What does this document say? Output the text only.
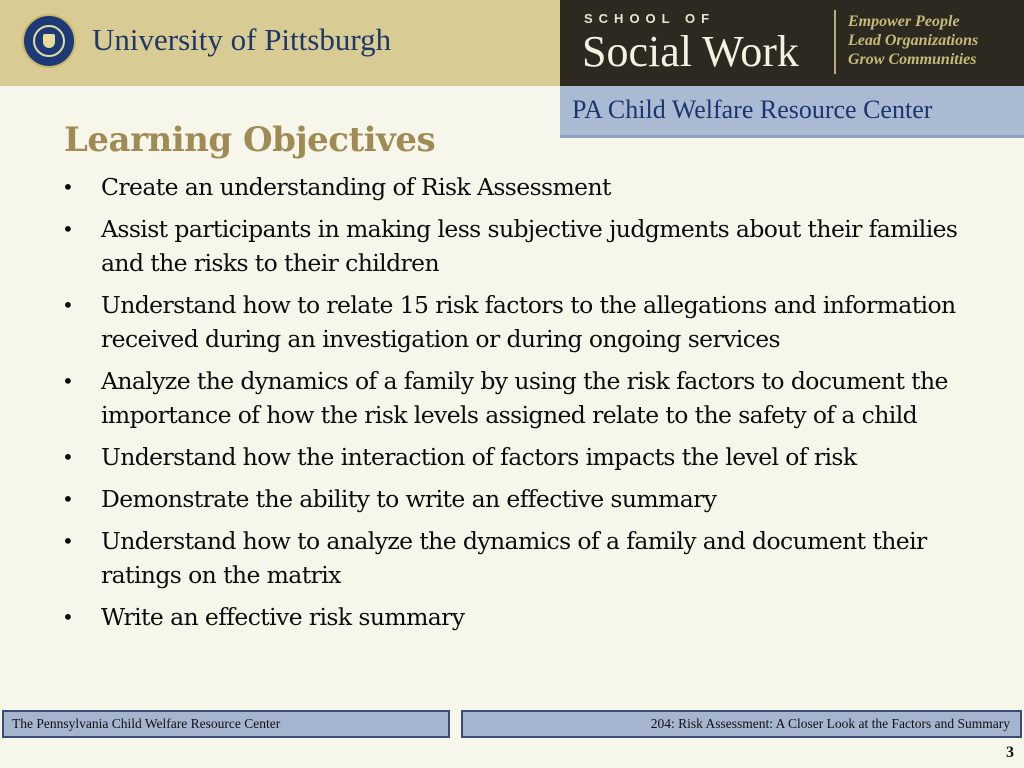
University of Pittsburgh
SCHOOL OF
Social Work
Empower People
Lead Organizations
Grow Communities
PA Child Welfare Resource Center
Learning Objectives
• Create an understanding of Risk Assessment
• Assist participants in making less subjective judgments about their families and the risks to their children
• Understand how to relate 15 risk factors to the allegations and information received during an investigation or during ongoing services
• Analyze the dynamics of a family by using the risk factors to document the importance of how the risk levels assigned relate to the safety of a child
• Understand how the interaction of factors impacts the level of risk
• Demonstrate the ability to write an effective summary
• Understand how to analyze the dynamics of a family and document their ratings on the matrix
• Write an effective risk summary
The Pennsylvania Child Welfare Resource Center	204: Risk Assessment: A Closer Look at the Factors and Summary
3
